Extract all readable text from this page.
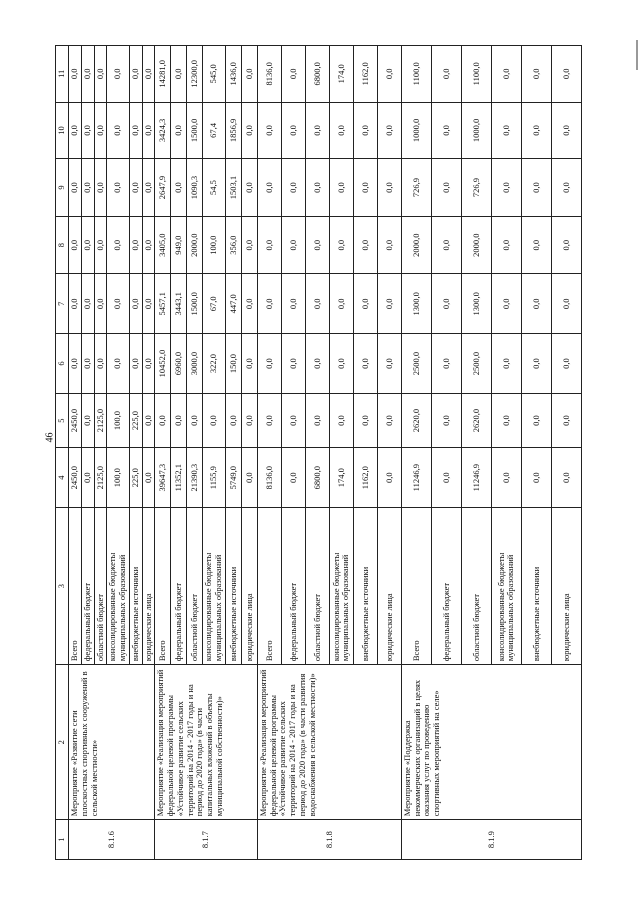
46
1	2	3	4	5	6	7	8	9	10	11
8.1.6	Мероприятие «Развитие сети плоскостных спортивных сооружений в сельской местности»	Всего	2450,0	2450,0	0,0	0,0	0,0	0,0	0,0	0,0
		федеральный бюджет	0,0	0,0	0,0	0,0	0,0	0,0	0,0	0,0
		областной бюджет	2125,0	2125,0	0,0	0,0	0,0	0,0	0,0	0,0
		консолидированные бюджеты муниципальных образований	100,0	100,0	0,0	0,0	0,0	0,0	0,0	0,0
		внебюджетные источники	225,0	225,0	0,0	0,0	0,0	0,0	0,0	0,0
		юридические лица	0,0	0,0	0,0	0,0	0,0	0,0	0,0	0,0
8.1.7	Мероприятие «Реализация мероприятий федеральной целевой программы «Устойчивое развитие сельских территорий на 2014 - 2017 годы и на период до 2020 года» (в части капитальных вложений в объекты муниципальной собственности)»	Всего	39647,3	0,0	10452,0	5457,1	3405,0	2647,9	3424,3	14281,0
		федеральный бюджет	11352,1	0,0	6960,0	3443,1	949,0	0,0	0,0	0,0
		областной бюджет	21390,3	0,0	3000,0	1500,0	2000,0	1090,3	1500,0	12300,0
		консолидированные бюджеты муниципальных образований	1155,9	0,0	322,0	67,0	100,0	54,5	67,4	545,0
		внебюджетные источники	5749,0	0,0	150,0	447,0	356,0	1503,1	1856,9	1436,0
		юридические лица	0,0	0,0	0,0	0,0	0,0	0,0	0,0	0,0
8.1.8	Мероприятие «Реализация мероприятий федеральной целевой программы «Устойчивое развитие сельских территорий на 2014 - 2017 годы и на период до 2020 года» (в части развития водоснабжения в сельской местности)»	Всего	8136,0	0,0	0,0	0,0	0,0	0,0	0,0	8136,0
		федеральный бюджет	0,0	0,0	0,0	0,0	0,0	0,0	0,0	0,0
		областной бюджет	6800,0	0,0	0,0	0,0	0,0	0,0	0,0	6800,0
		консолидированные бюджеты муниципальных образований	174,0	0,0	0,0	0,0	0,0	0,0	0,0	174,0
		внебюджетные источники	1162,0	0,0	0,0	0,0	0,0	0,0	0,0	1162,0
		юридические лица	0,0	0,0	0,0	0,0	0,0	0,0	0,0	0,0
8.1.9	Мероприятие «Поддержка некоммерческих организаций в целях оказания услуг по проведению спортивных мероприятий на селе»	Всего	11246,9	2620,0	2500,0	1300,0	2000,0	726,9	1000,0	1100,0
		федеральный бюджет	0,0	0,0	0,0	0,0	0,0	0,0	0,0	0,0
		областной бюджет	11246,9	2620,0	2500,0	1300,0	2000,0	726,9	1000,0	1100,0
		консолидированные бюджеты муниципальных образований	0,0	0,0	0,0	0,0	0,0	0,0	0,0	0,0
		внебюджетные источники	0,0	0,0	0,0	0,0	0,0	0,0	0,0	0,0
		юридические лица	0,0	0,0	0,0	0,0	0,0	0,0	0,0	0,0
